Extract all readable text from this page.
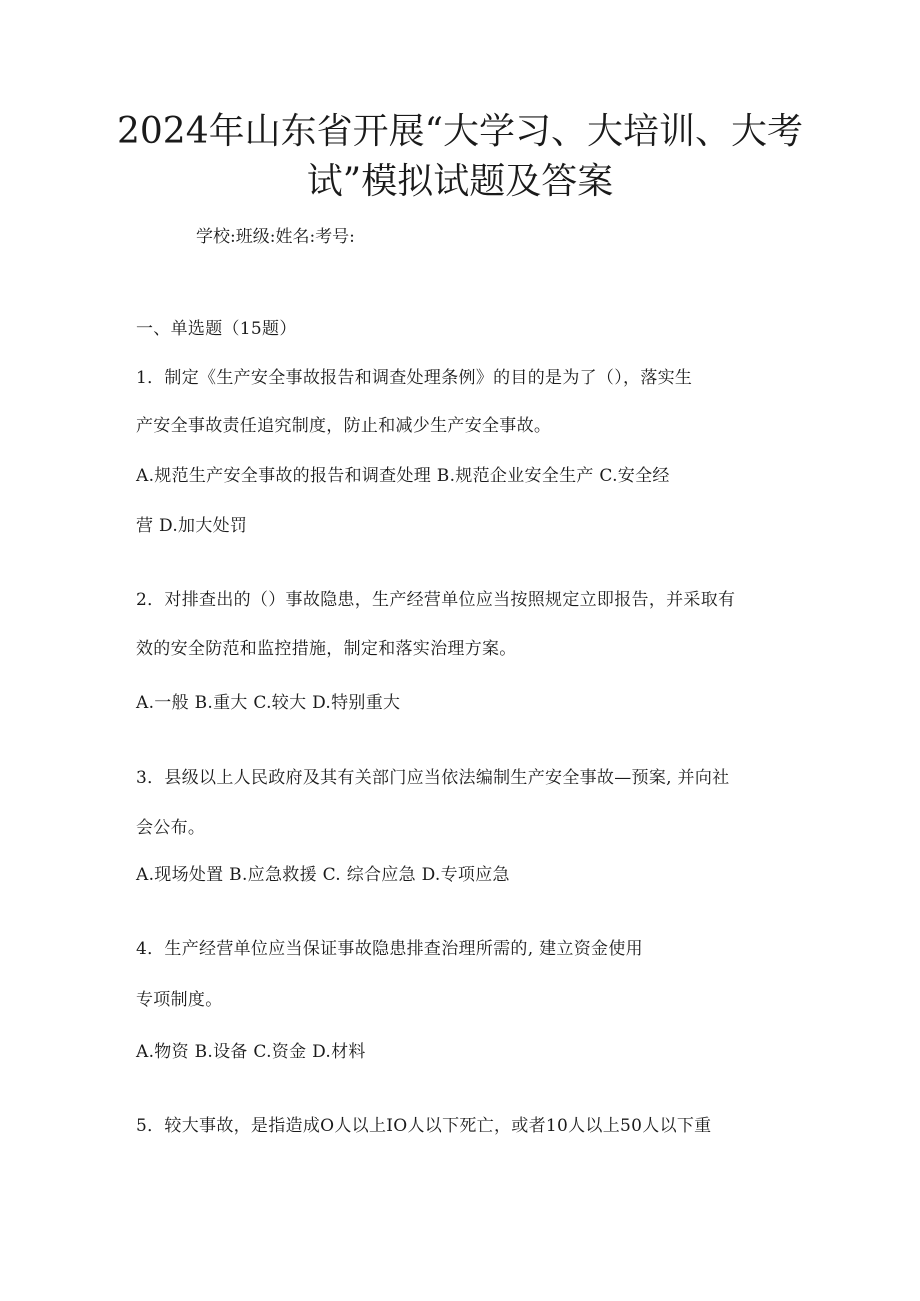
2024年山东省开展“大学习、大培训、大考
试”模拟试题及答案
学校:班级:姓名:考号:
一、单选题（15题）
1．制定《生产安全事故报告和调查处理条例》的目的是为了（），落实生
产安全事故责任追究制度，防止和减少生产安全事故。
A.规范生产安全事故的报告和调查处理 B.规范企业安全生产 C.安全经
营 D.加大处罚
2．对排查出的（）事故隐患，生产经营单位应当按照规定立即报告，并采取有
效的安全防范和监控措施，制定和落实治理方案。
A.一般 B.重大 C.较大 D.特别重大
3．县级以上人民政府及其有关部门应当依法编制生产安全事故—预案, 并向社
会公布。
A.现场处置 B.应急救援 C. 综合应急 D.专项应急
4．生产经营单位应当保证事故隐患排查治理所需的, 建立资金使用
专项制度。
A.物资 B.设备 C.资金 D.材料
5．较大事故，是指造成O人以上IO人以下死亡，或者10人以上50人以下重
